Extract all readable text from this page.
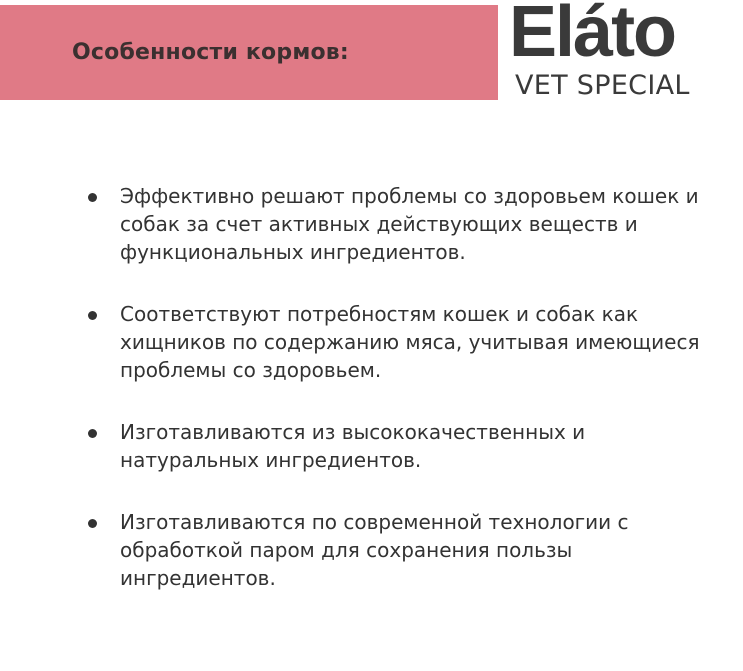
Особенности кормов: Eláto
VET SPECIAL
Эффективно решают проблемы со здоровьем кошек и собак за счет активных действующих веществ и функциональных ингредиентов.
Соответствуют потребностям кошек и собак как хищников по содержанию мяса, учитывая имеющиеся проблемы со здоровьем.
Изготавливаются из высококачественных и натуральных ингредиентов.
Изготавливаются по современной технологии с обработкой паром для сохранения пользы ингредиентов.
